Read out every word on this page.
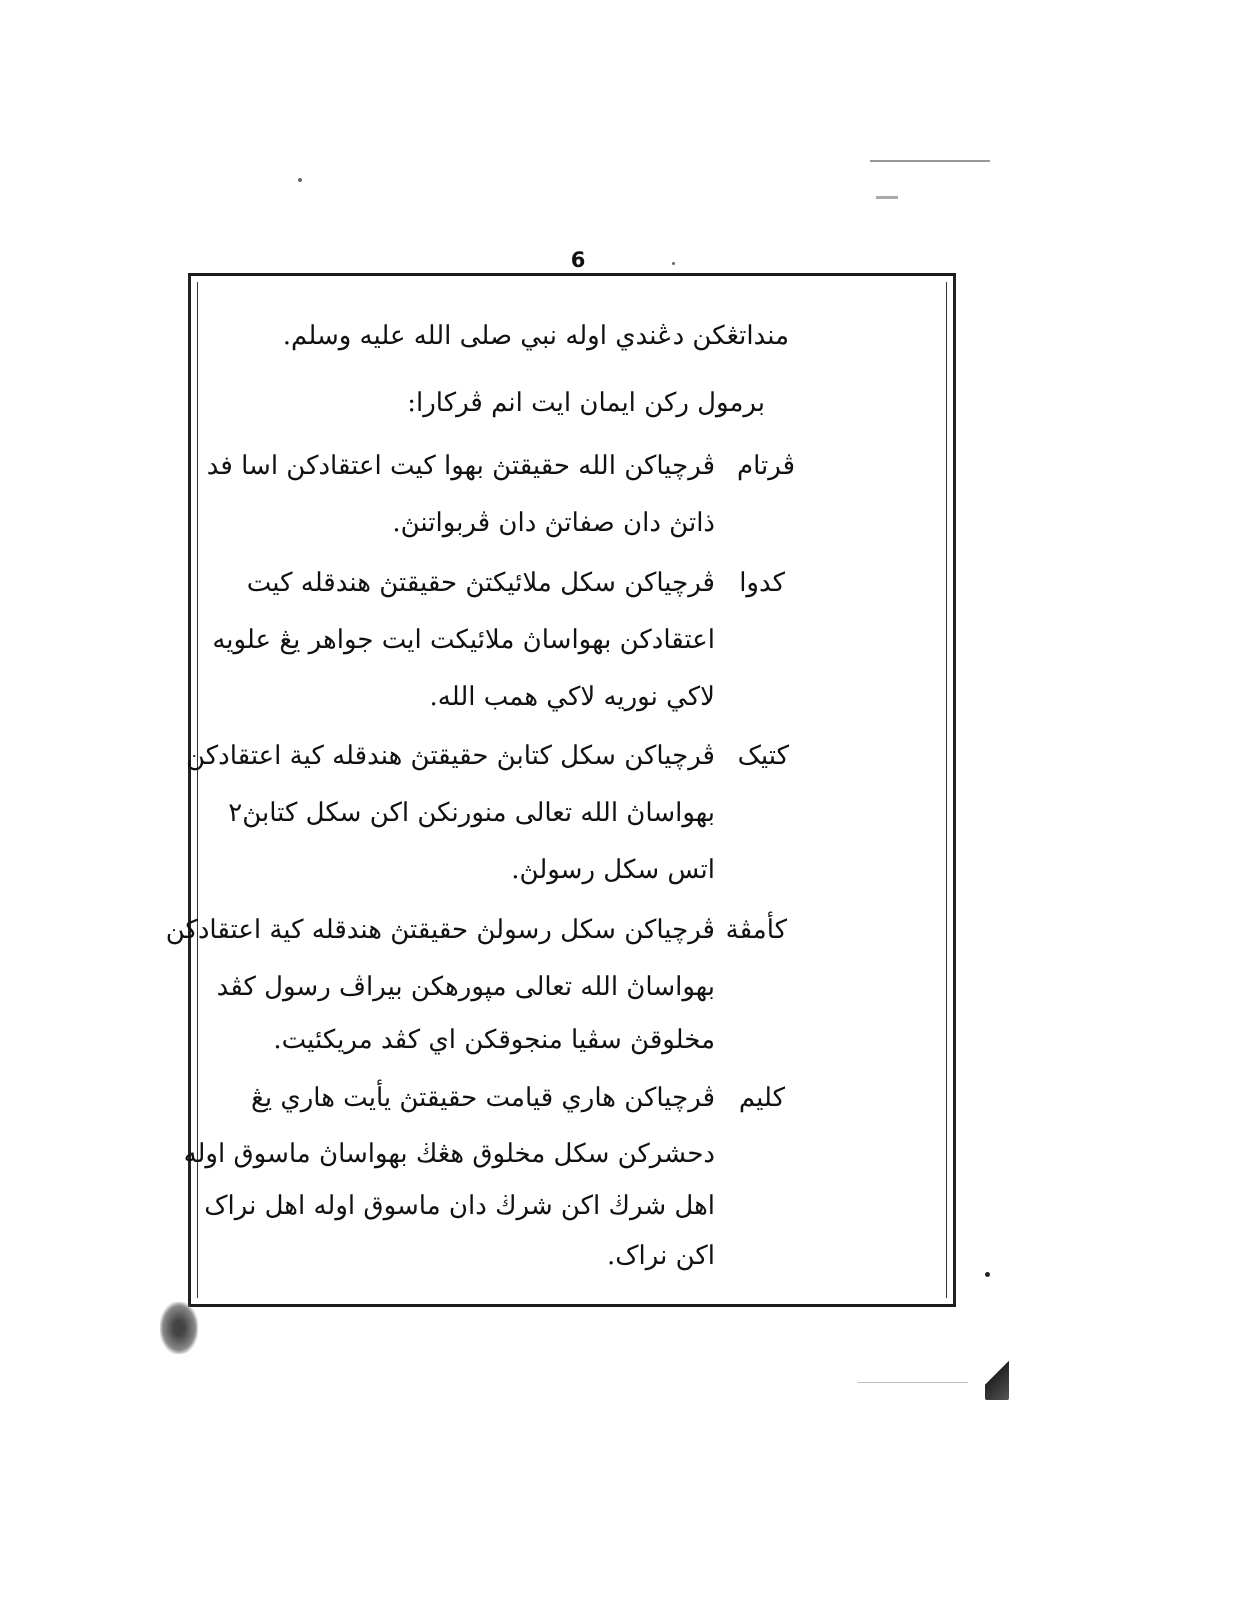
6
منداتڠكن دڠندي اوله نبي صلى الله عليه وسلم.
برمول رکن ايمان ايت انم ڤركارا:
ڤرتام
ڤرچياكن الله حقيقتڽ بهوا كيت اعتقادكن اسا فد
ذاتڽ دان صفاتڽ دان ڤربواتنڽ.
كدوا
ڤرچياكن سكل ملائيكتڽ حقيقتڽ هندقله كيت
اعتقادكن بهواساڽ ملائيكت ايت جواهر يڠ علويه
لاكي نوريه لاكي همب الله.
كتيک
ڤرچياكن سكل كتابڽ حقيقتڽ هندقله كية اعتقادكن
بهواساڽ الله تعالى منورنكن اكن سكل كتابڽ٢
اتس سكل رسولڽ.
كأمڤة
ڤرچياكن سكل رسولڽ حقيقتڽ هندقله كية اعتقادكن
بهواساڽ الله تعالى مپورهكن بيراڤ رسول كڤد
مخلوقڽ سڤيا منجوقكن اي كڤد مريكئيت.
كليم
ڤرچياكن هاري قيامت حقيقتڽ يأيت هاري يڠ
دحشركن سكل مخلوق هڠڬ بهواساڽ ماسوق اوله
اهل شرڬ اكن شرڬ دان ماسوق اوله اهل نراک
اكن نراک.
